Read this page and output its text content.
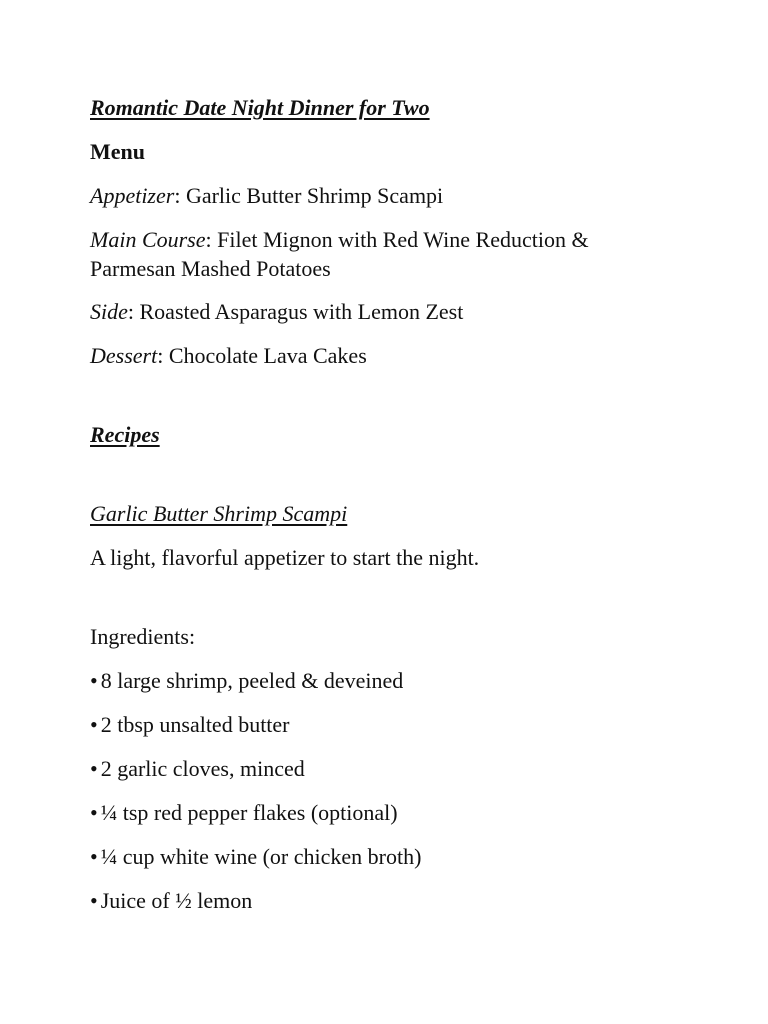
Romantic Date Night Dinner for Two
Menu
Appetizer: Garlic Butter Shrimp Scampi
Main Course: Filet Mignon with Red Wine Reduction &
Parmesan Mashed Potatoes
Side: Roasted Asparagus with Lemon Zest
Dessert: Chocolate Lava Cakes
Recipes
Garlic Butter Shrimp Scampi
A light, flavorful appetizer to start the night.
Ingredients:
• 8 large shrimp, peeled & deveined
• 2 tbsp unsalted butter
• 2 garlic cloves, minced
• ¼ tsp red pepper flakes (optional)
• ¼ cup white wine (or chicken broth)
• Juice of ½ lemon
